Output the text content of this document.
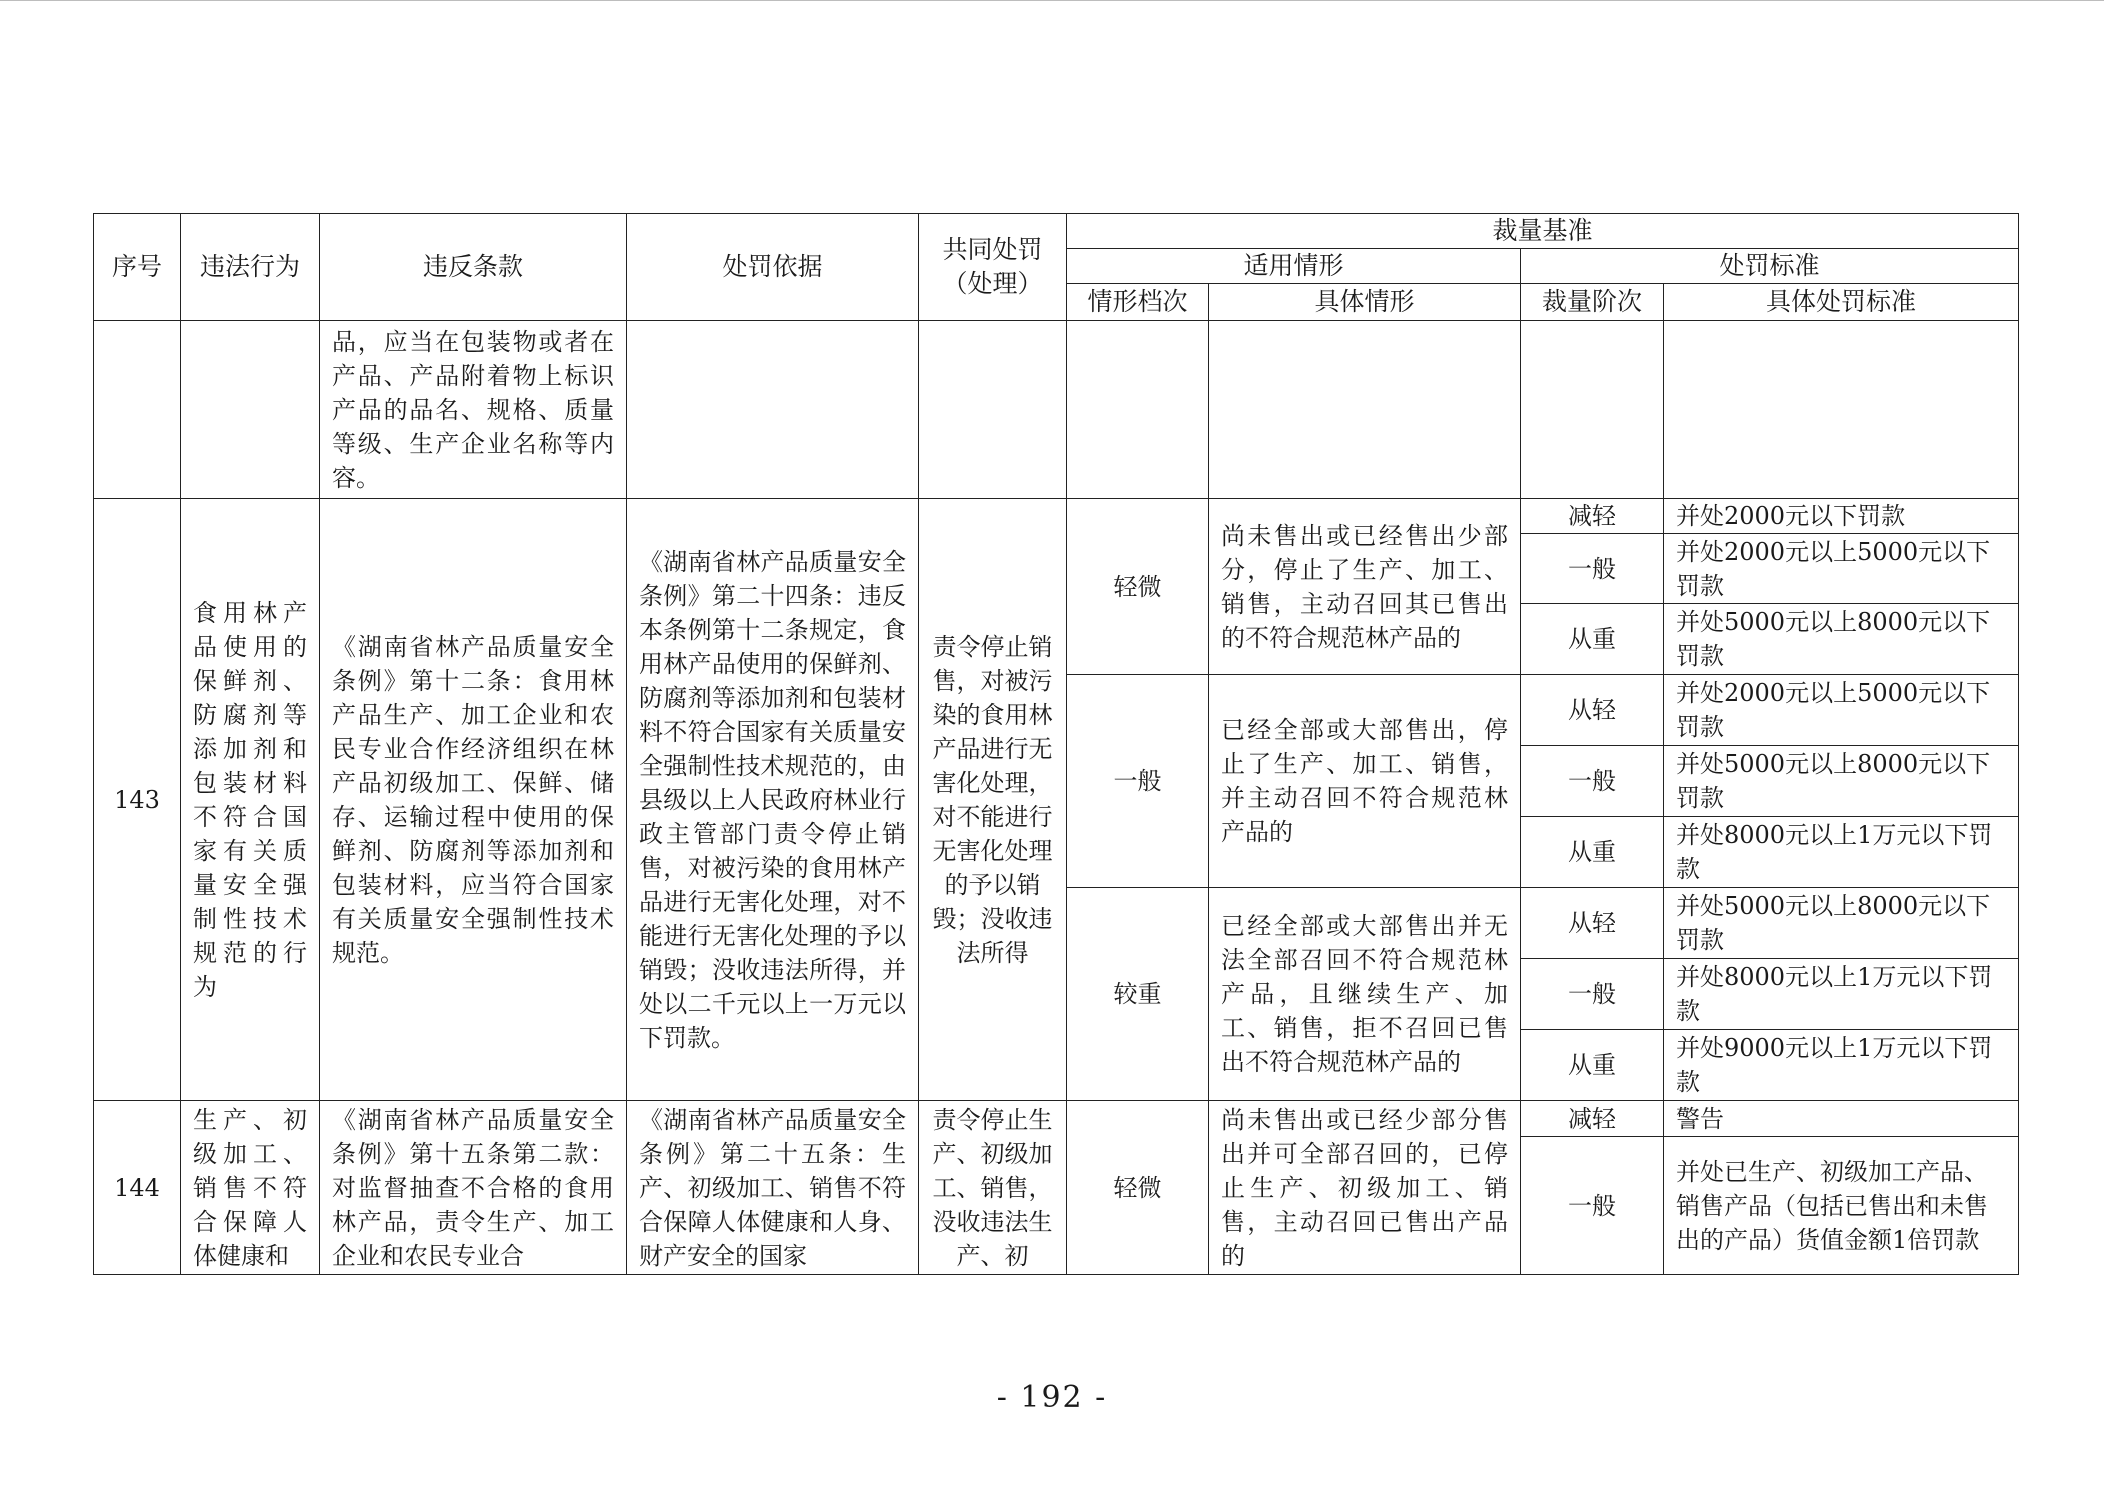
序号	违法行为	违反条款	处罚依据	共同处罚（处理）	裁量基准			
					适用情形		处罚标准	
					情形档次	具体情形	裁量阶次	具体处罚标准
		品，应当在包装物或者在产品、产品附着物上标识产品的品名、规格、质量等级、生产企业名称等内容。						
143	食用林产品使用的保鲜剂、防腐剂等添加剂和包装材料不符合国家有关质量安全强制性技术规范的行为	《湖南省林产品质量安全条例》第十二条：食用林产品生产、加工企业和农民专业合作经济组织在林产品初级加工、保鲜、储存、运输过程中使用的保鲜剂、防腐剂等添加剂和包装材料，应当符合国家有关质量安全强制性技术规范。	《湖南省林产品质量安全条例》第二十四条：违反本条例第十二条规定，食用林产品使用的保鲜剂、防腐剂等添加剂和包装材料不符合国家有关质量安全强制性技术规范的，由县级以上人民政府林业行政主管部门责令停止销售，对被污染的食用林产品进行无害化处理，对不能进行无害化处理的予以销毁；没收违法所得，并处以二千元以上一万元以下罚款。	责令停止销售，对被污染的食用林产品进行无害化处理，对不能进行无害化处理的予以销毁；没收违法所得	轻微	尚未售出或已经售出少部分，停止了生产、加工、销售，主动召回其已售出的不符合规范林产品的	减轻	并处2000元以下罚款
							一般	并处2000元以上5000元以下罚款
							从重	并处5000元以上8000元以下罚款
					一般	已经全部或大部售出，停止了生产、加工、销售，并主动召回不符合规范林产品的	从轻	并处2000元以上5000元以下罚款
							一般	并处5000元以上8000元以下罚款
							从重	并处8000元以上1万元以下罚款
					较重	已经全部或大部售出并无法全部召回不符合规范林产品，且继续生产、加工、销售，拒不召回已售出不符合规范林产品的	从轻	并处5000元以上8000元以下罚款
							一般	并处8000元以上1万元以下罚款
							从重	并处9000元以上1万元以下罚款
144	生产、初级加工、销售不符合保障人体健康和	《湖南省林产品质量安全条例》第十五条第二款：对监督抽查不合格的食用林产品，责令生产、加工企业和农民专业合	《湖南省林产品质量安全条例》第二十五条：生产、初级加工、销售不符合保障人体健康和人身、财产安全的国家	责令停止生产、初级加工、销售，没收违法生产、初	轻微	尚未售出或已经少部分售出并可全部召回的，已停止生产、初级加工、销售，主动召回已售出产品的	减轻	警告
							一般	并处已生产、初级加工产品、销售产品（包括已售出和未售出的产品）货值金额1倍罚款
- 192 -
